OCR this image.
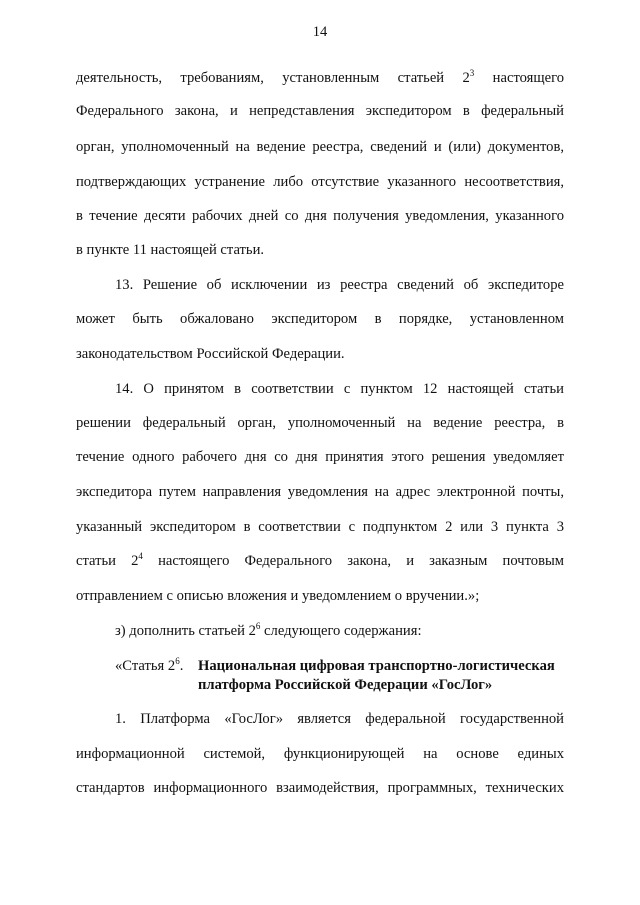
14
деятельность, требованиям, установленным статьей $2^3$ настоящего
Федерального закона, и непредставления экспедитором в федеральный
орган, уполномоченный на ведение реестра, сведений и (или) документов,
подтверждающих устранение либо отсутствие указанного несоответствия,
в течение десяти рабочих дней со дня получения уведомления, указанного
в пункте 11 настоящей статьи.
13. Решение об исключении из реестра сведений об экспедиторе
может быть обжаловано экспедитором в порядке, установленном
законодательством Российской Федерации.
14. О принятом в соответствии с пунктом 12 настоящей статьи
решении федеральный орган, уполномоченный на ведение реестра, в
течение одного рабочего дня со дня принятия этого решения уведомляет
экспедитора путем направления уведомления на адрес электронной почты,
указанный экспедитором в соответствии с подпунктом 2 или 3 пункта 3
статьи $2^4$ настоящего Федерального закона, и заказным почтовым
отправлением с описью вложения и уведомлением о вручении.»;
з) дополнить статьей $2^6$ следующего содержания:
«Статья $2^6$. Национальная цифровая транспортно-логистическая
платформа Российской Федерации «ГосЛог»
1. Платформа «ГосЛог» является федеральной государственной
информационной системой, функционирующей на основе единых
стандартов информационного взаимодействия, программных, технических
